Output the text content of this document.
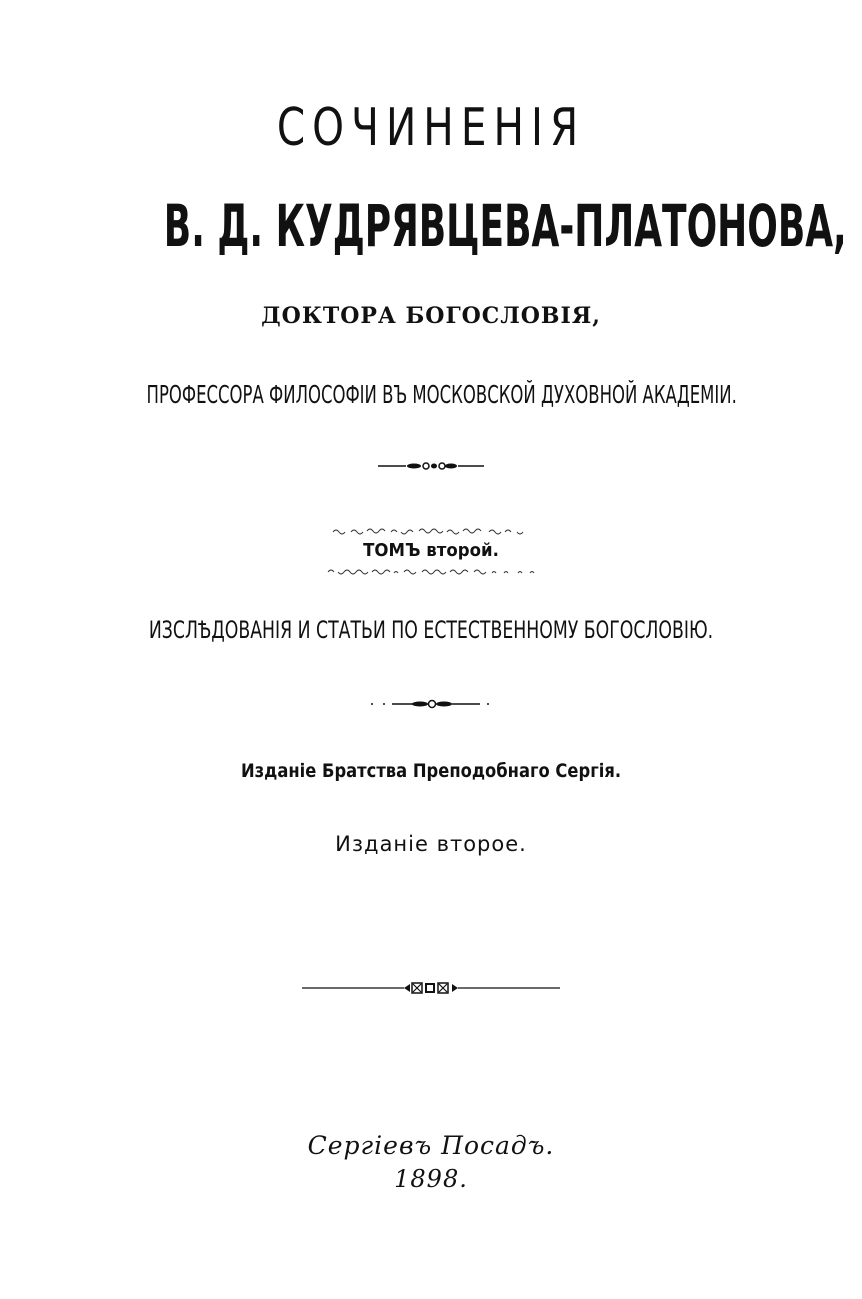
СОЧИНЕНІЯ
В. Д. КУДРЯВЦЕВА-ПЛАТОНОВА,
ДОКТОРА БОГОСЛОВІЯ,
ПРОФЕССОРА ФИЛОСОФІИ ВЪ МОСКОВСКОЙ ДУХОВНОЙ АКАДЕМІИ.
ТОМЪ второй.
ИЗСЛѢДОВАНІЯ И СТАТЬИ ПО ЕСТЕСТВЕННОМУ БОГОСЛОВІЮ.
Изданіе Братства Преподобнаго Сергія.
Изданіе второе.
Сергіевъ Посадъ.
1898.
